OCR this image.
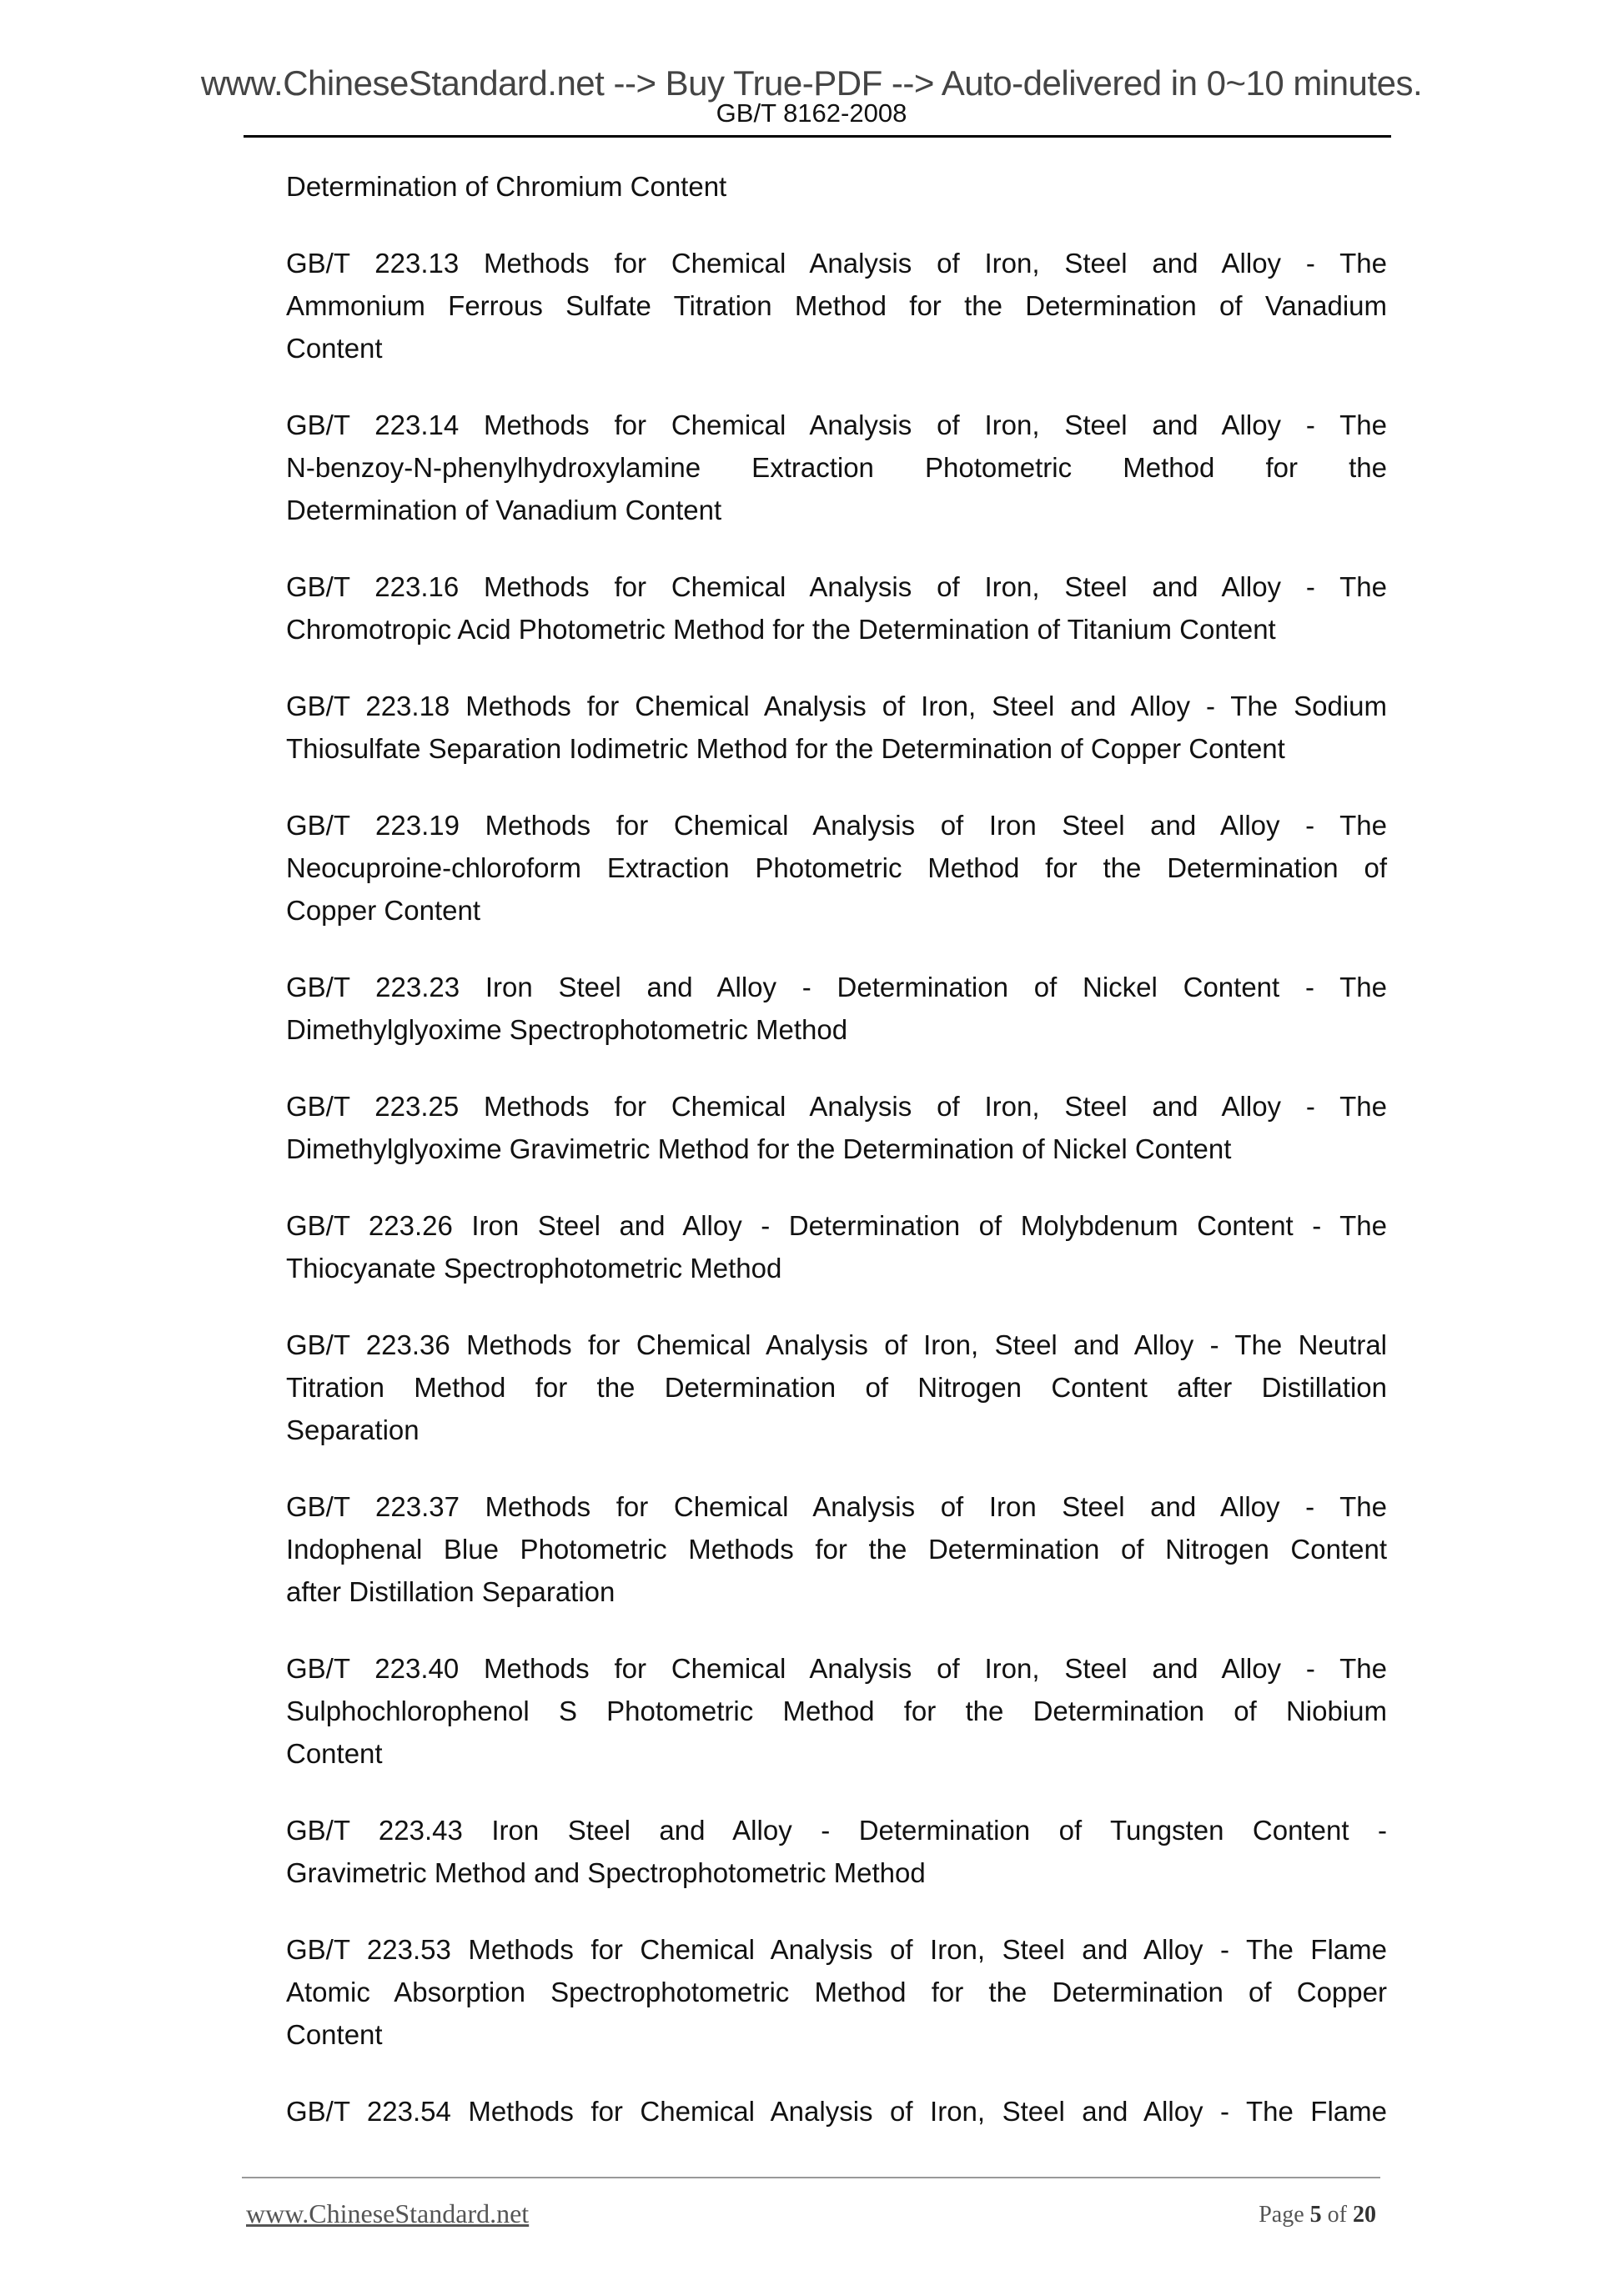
www.ChineseStandard.net --> Buy True-PDF --> Auto-delivered in 0~10 minutes.
GB/T 8162-2008
Determination of Chromium Content
GB/T 223.13 Methods for Chemical Analysis of Iron, Steel and Alloy - The
Ammonium Ferrous Sulfate Titration Method for the Determination of Vanadium
Content
GB/T 223.14 Methods for Chemical Analysis of Iron, Steel and Alloy - The
N-benzoy-N-phenylhydroxylamine Extraction Photometric Method for the
Determination of Vanadium Content
GB/T 223.16 Methods for Chemical Analysis of Iron, Steel and Alloy - The
Chromotropic Acid Photometric Method for the Determination of Titanium Content
GB/T 223.18 Methods for Chemical Analysis of Iron, Steel and Alloy - The Sodium
Thiosulfate Separation Iodimetric Method for the Determination of Copper Content
GB/T 223.19 Methods for Chemical Analysis of Iron Steel and Alloy - The
Neocuproine-chloroform Extraction Photometric Method for the Determination of
Copper Content
GB/T 223.23 Iron Steel and Alloy - Determination of Nickel Content - The
Dimethylglyoxime Spectrophotometric Method
GB/T 223.25 Methods for Chemical Analysis of Iron, Steel and Alloy - The
Dimethylglyoxime Gravimetric Method for the Determination of Nickel Content
GB/T 223.26 Iron Steel and Alloy - Determination of Molybdenum Content - The
Thiocyanate Spectrophotometric Method
GB/T 223.36 Methods for Chemical Analysis of Iron, Steel and Alloy - The Neutral
Titration Method for the Determination of Nitrogen Content after Distillation
Separation
GB/T 223.37 Methods for Chemical Analysis of Iron Steel and Alloy - The
Indophenal Blue Photometric Methods for the Determination of Nitrogen Content
after Distillation Separation
GB/T 223.40 Methods for Chemical Analysis of Iron, Steel and Alloy - The
Sulphochlorophenol S Photometric Method for the Determination of Niobium
Content
GB/T 223.43 Iron Steel and Alloy - Determination of Tungsten Content -
Gravimetric Method and Spectrophotometric Method
GB/T 223.53 Methods for Chemical Analysis of Iron, Steel and Alloy - The Flame
Atomic Absorption Spectrophotometric Method for the Determination of Copper
Content
GB/T 223.54 Methods for Chemical Analysis of Iron, Steel and Alloy - The Flame
www.ChineseStandard.net	Page 5 of 20
